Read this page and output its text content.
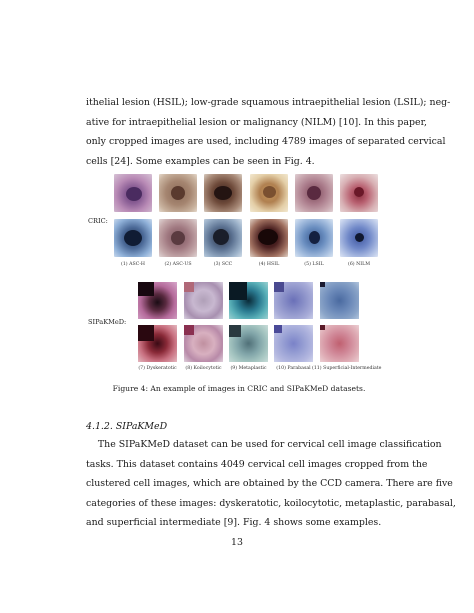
ithelial lesion (HSIL); low-grade squamous intraepithelial lesion (LSIL); neg-
ative for intraepithelial lesion or malignancy (NILM) [10]. In this paper,
only cropped images are used, including 4789 images of separated cervical
cells [24]. Some examples can be seen in Fig. 4.
CRIC:
(1) ASC-H	(2) ASC-US	(3) SCC	(4) HSIL	(5) LSIL	(6) NILM
SIPaKMeD:
(7) Dyskeratotic	(8) Koilocytotic	(9) Metaplastic	(10) Parabasal (11) Superficial-Intermediate
Figure 4: An example of images in CRIC and SIPaKMeD datasets.
4.1.2. SIPaKMeD
The SIPaKMeD dataset can be used for cervical cell image classification
tasks. This dataset contains 4049 cervical cell images cropped from the
clustered cell images, which are obtained by the CCD camera. There are five
categories of these images: dyskeratotic, koilocytotic, metaplastic, parabasal,
and superficial intermediate [9]. Fig. 4 shows some examples.
13
